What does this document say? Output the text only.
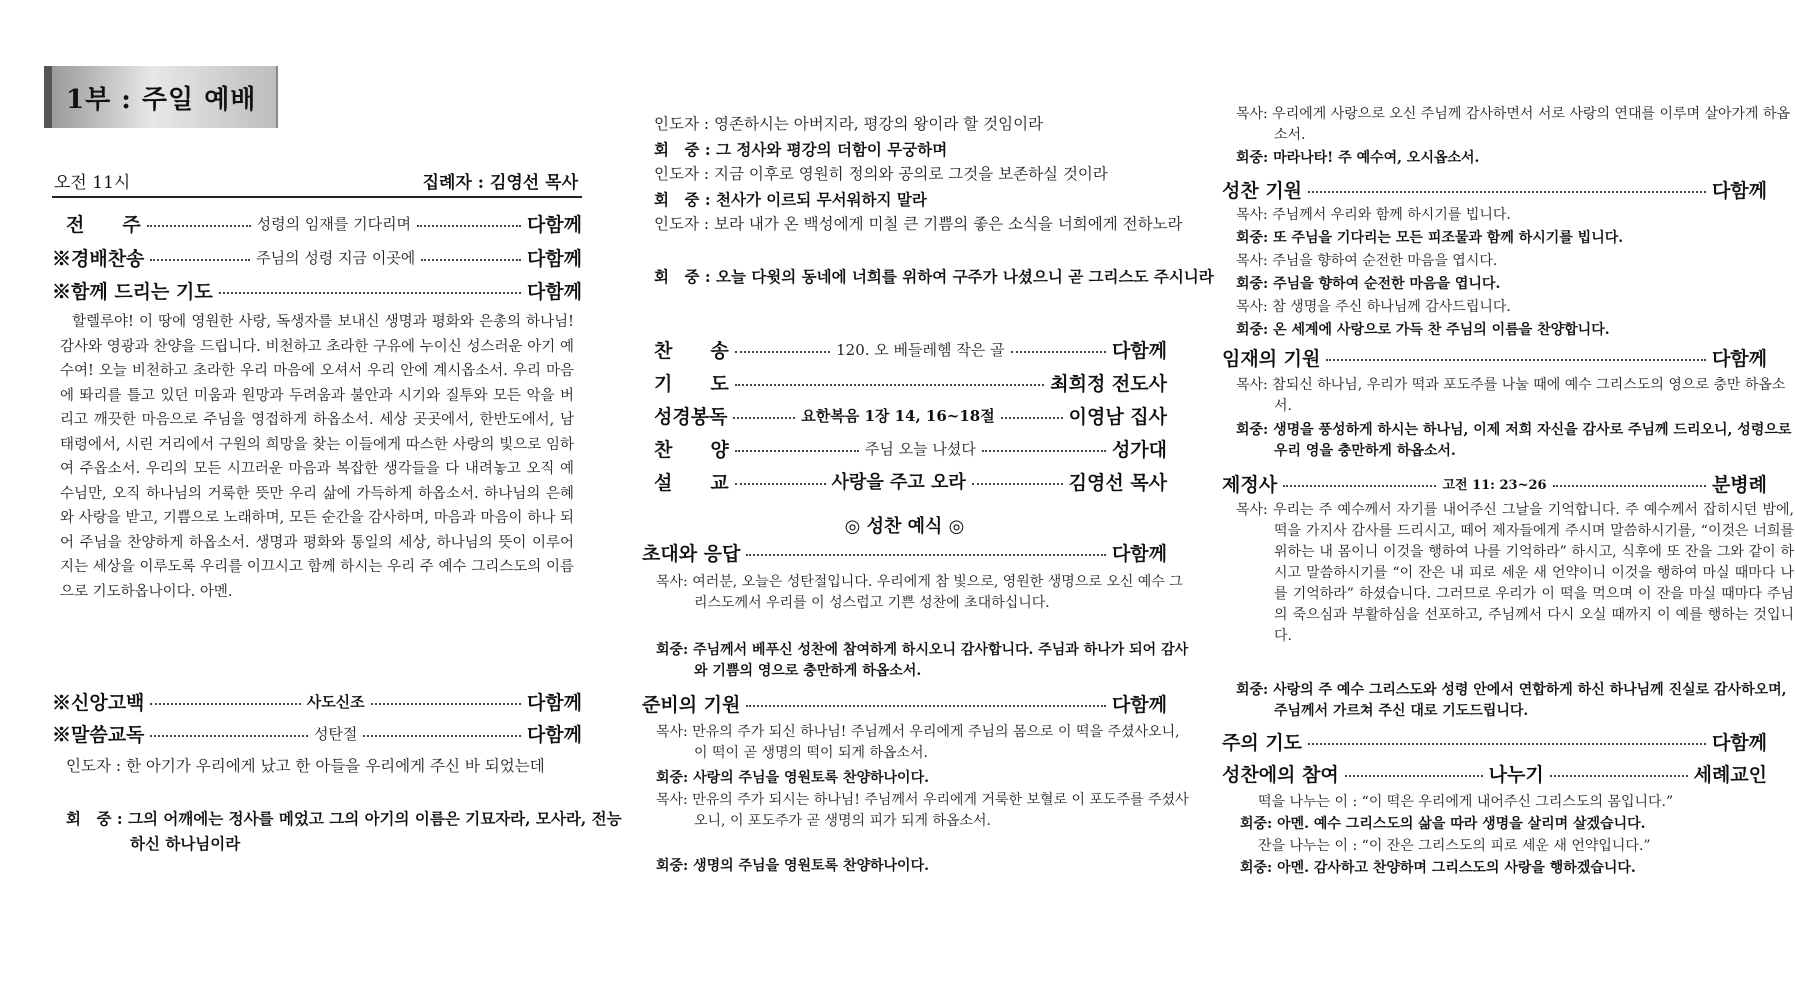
1부 : 주일 예배
오전 11시	집례자 : 김영선 목사
전　　주	성령의 임재를 기다리며	다함께
※경배찬송	주님의 성령 지금 이곳에	다함께
※함께 드리는 기도	다함께
할렐루야! 이 땅에 영원한 사랑, 독생자를 보내신 생명과 평화와 은총의 하나님! 감사와 영광과 찬양을 드립니다. 비천하고 초라한 구유에 누이신 성스러운 아기 예수여! 오늘 비천하고 초라한 우리 마음에 오셔서 우리 안에 계시옵소서. 우리 마음에 똬리를 틀고 있던 미움과 원망과 두려움과 불안과 시기와 질투와 모든 악을 버리고 깨끗한 마음으로 주님을 영접하게 하옵소서. 세상 곳곳에서, 한반도에서, 남태령에서, 시린 거리에서 구원의 희망을 찾는 이들에게 따스한 사랑의 빛으로 임하여 주옵소서. 우리의 모든 시끄러운 마음과 복잡한 생각들을 다 내려놓고 오직 예수님만, 오직 하나님의 거룩한 뜻만 우리 삶에 가득하게 하옵소서. 하나님의 은혜와 사랑을 받고, 기쁨으로 노래하며, 모든 순간을 감사하며, 마음과 마음이 하나 되어 주님을 찬양하게 하옵소서. 생명과 평화와 통일의 세상, 하나님의 뜻이 이루어지는 세상을 이루도록 우리를 이끄시고 함께 하시는 우리 주 예수 그리스도의 이름으로 기도하옵나이다. 아멘.
※신앙고백	사도신조	다함께
※말씀교독	성탄절	다함께
인도자 : 한 아기가 우리에게 났고 한 아들을 우리에게 주신 바 되었는데
회　중 : 그의 어깨에는 정사를 메었고 그의 아기의 이름은 기묘자라, 모사라, 전능하신 하나님이라
인도자 : 영존하시는 아버지라, 평강의 왕이라 할 것임이라
회　중 : 그 정사와 평강의 더함이 무궁하며
인도자 : 지금 이후로 영원히 정의와 공의로 그것을 보존하실 것이라
회　중 : 천사가 이르되 무서워하지 말라
인도자 : 보라 내가 온 백성에게 미칠 큰 기쁨의 좋은 소식을 너희에게 전하노라
회　중 : 오늘 다윗의 동네에 너희를 위하여 구주가 나셨으니 곧 그리스도 주시니라
찬　　송	120. 오 베들레헴 작은 골	다함께
기　　도	최희정 전도사
성경봉독	요한복음 1장 14, 16~18절	이영남 집사
찬　　양	주님 오늘 나셨다	성가대
설　　교	사랑을 주고 오라	김영선 목사
◎ 성찬 예식 ◎
초대와 응답	다함께
목사: 여러분, 오늘은 성탄절입니다. 우리에게 참 빛으로, 영원한 생명으로 오신 예수 그리스도께서 우리를 이 성스럽고 기쁜 성찬에 초대하십니다.
회중: 주님께서 베푸신 성찬에 참여하게 하시오니 감사합니다. 주님과 하나가 되어 감사와 기쁨의 영으로 충만하게 하옵소서.
준비의 기원	다함께
목사: 만유의 주가 되신 하나님! 주님께서 우리에게 주님의 몸으로 이 떡을 주셨사오니, 이 떡이 곧 생명의 떡이 되게 하옵소서.
회중: 사랑의 주님을 영원토록 찬양하나이다.
목사: 만유의 주가 되시는 하나님! 주님께서 우리에게 거룩한 보혈로 이 포도주를 주셨사오니, 이 포도주가 곧 생명의 피가 되게 하옵소서.
회중: 생명의 주님을 영원토록 찬양하나이다.
목사: 우리에게 사랑으로 오신 주님께 감사하면서 서로 사랑의 연대를 이루며 살아가게 하옵소서.
회중: 마라나타! 주 예수여, 오시옵소서.
성찬 기원	다함께
목사: 주님께서 우리와 함께 하시기를 빕니다.
회중: 또 주님을 기다리는 모든 피조물과 함께 하시기를 빕니다.
목사: 주님을 향하여 순전한 마음을 엽시다.
회중: 주님을 향하여 순전한 마음을 엽니다.
목사: 참 생명을 주신 하나님께 감사드립니다.
회중: 온 세계에 사랑으로 가득 찬 주님의 이름을 찬양합니다.
임재의 기원	다함께
목사: 참되신 하나님, 우리가 떡과 포도주를 나눌 때에 예수 그리스도의 영으로 충만 하옵소서.
회중: 생명을 풍성하게 하시는 하나님, 이제 저희 자신을 감사로 주님께 드리오니, 성령으로 우리 영을 충만하게 하옵소서.
제정사	고전 11: 23~26	분병례
목사: 우리는 주 예수께서 자기를 내어주신 그날을 기억합니다. 주 예수께서 잡히시던 밤에, 떡을 가지사 감사를 드리시고, 떼어 제자들에게 주시며 말씀하시기를, “이것은 너희를 위하는 내 몸이니 이것을 행하여 나를 기억하라” 하시고, 식후에 또 잔을 그와 같이 하시고 말씀하시기를 “이 잔은 내 피로 세운 새 언약이니 이것을 행하여 마실 때마다 나를 기억하라” 하셨습니다. 그러므로 우리가 이 떡을 먹으며 이 잔을 마실 때마다 주님의 죽으심과 부활하심을 선포하고, 주님께서 다시 오실 때까지 이 예를 행하는 것입니다.
회중: 사랑의 주 예수 그리스도와 성령 안에서 연합하게 하신 하나님께 진실로 감사하오며, 주님께서 가르쳐 주신 대로 기도드립니다.
주의 기도	다함께
성찬에의 참여	나누기	세례교인
떡을 나누는 이 : “이 떡은 우리에게 내어주신 그리스도의 몸입니다.”
회중: 아멘. 예수 그리스도의 삶을 따라 생명을 살리며 살겠습니다.
잔을 나누는 이 : “이 잔은 그리스도의 피로 세운 새 언약입니다.”
회중: 아멘. 감사하고 찬양하며 그리스도의 사랑을 행하겠습니다.
